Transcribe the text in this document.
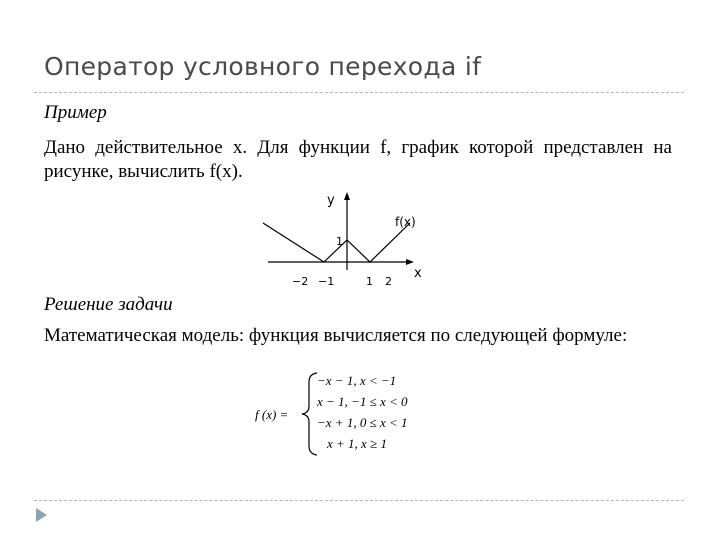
Оператор условного перехода if
Пример
Дано действительное x. Для функции f, график которой представлен на рисунке, вычислить f(x).
y
x
f(x)
1
−2 −1	1 2
Решение задачи
Математическая модель: функция вычисляется по следующей формуле:
f (x) =
−x − 1, x < −1
x − 1, −1 ≤ x < 0
−x + 1, 0 ≤ x < 1
x + 1, x ≥ 1
